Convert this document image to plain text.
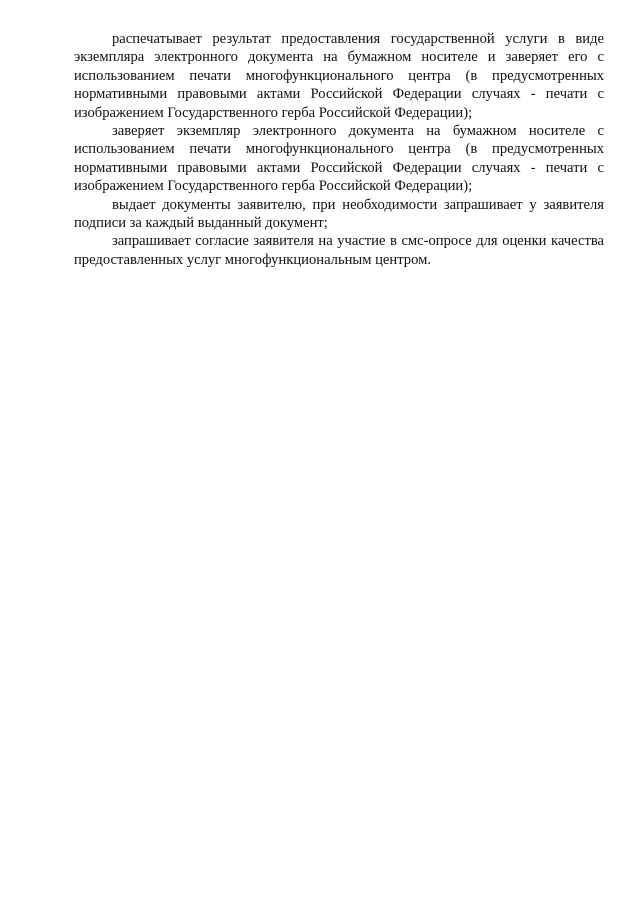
распечатывает результат предоставления государственной услуги в виде экземпляра электронного документа на бумажном носителе и заверяет его с использованием печати многофункционального центра (в предусмотренных нормативными правовыми актами Российской Федерации случаях - печати с изображением Государственного герба Российской Федерации);

заверяет экземпляр электронного документа на бумажном носителе с использованием печати многофункционального центра (в предусмотренных нормативными правовыми актами Российской Федерации случаях - печати с изображением Государственного герба Российской Федерации);

выдает документы заявителю, при необходимости запрашивает у заявителя подписи за каждый выданный документ;

запрашивает согласие заявителя на участие в смс-опросе для оценки качества предоставленных услуг многофункциональным центром.
